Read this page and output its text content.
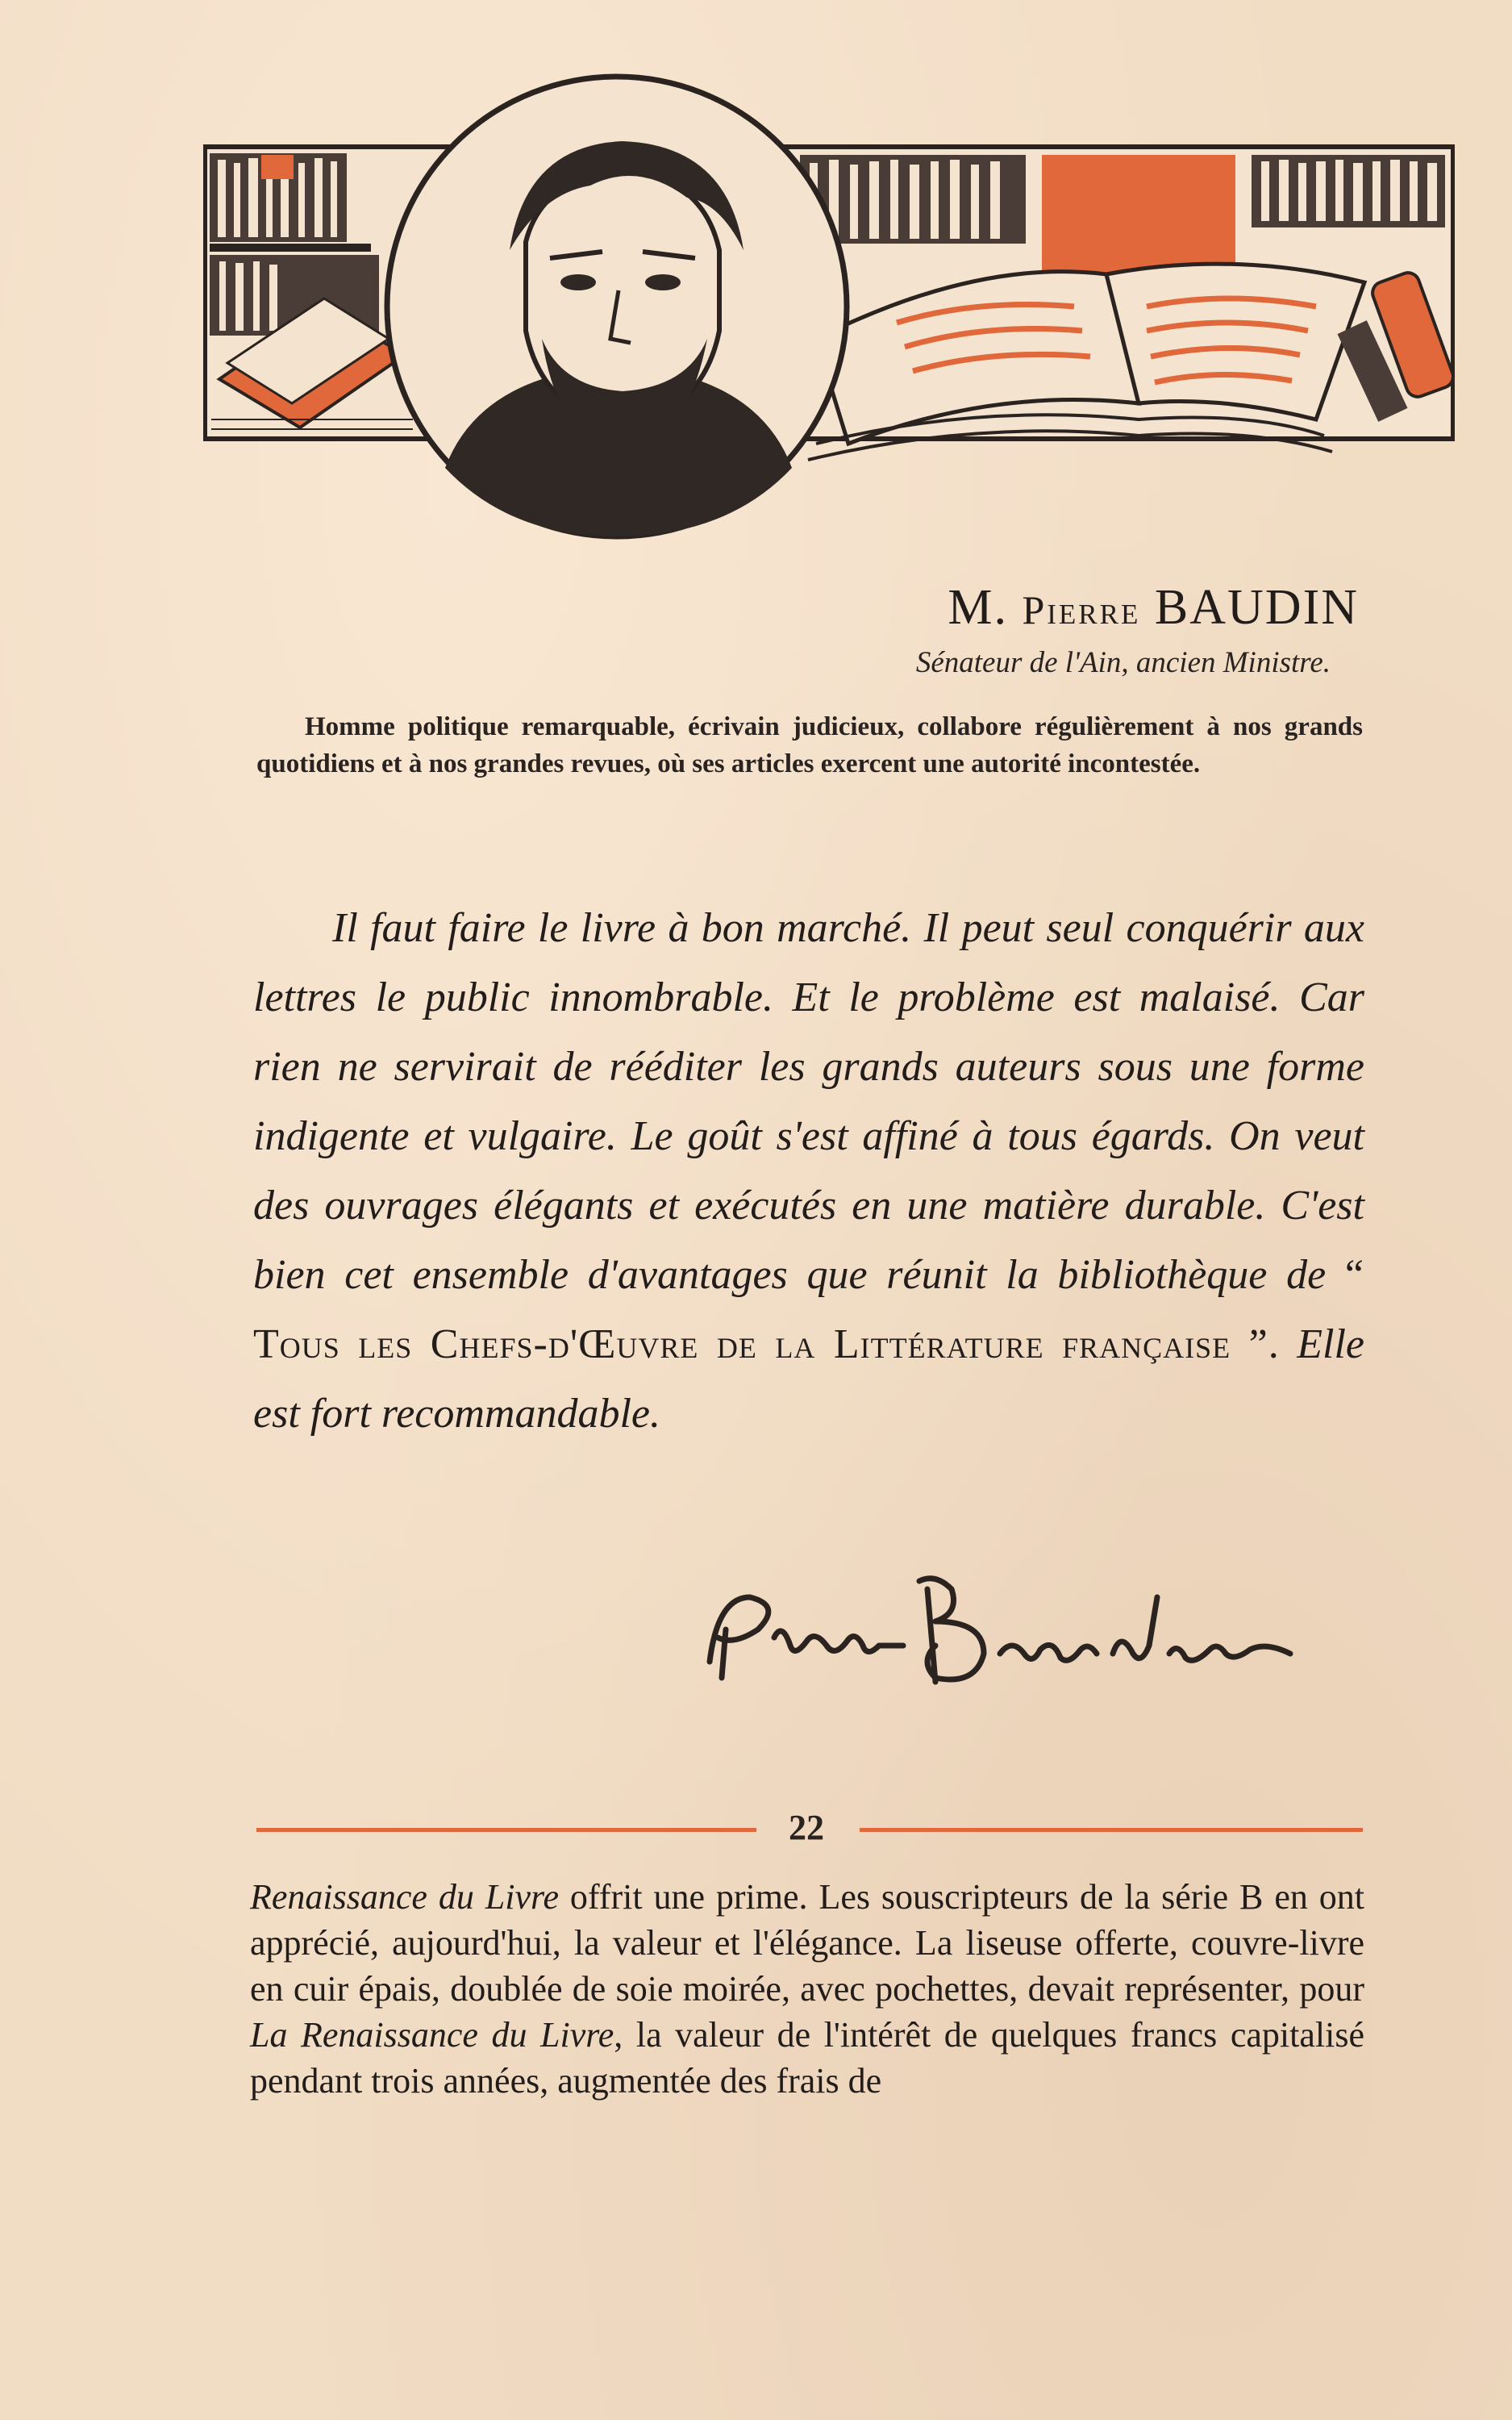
M. Pierre BAUDIN
Sénateur de l'Ain, ancien Ministre.
Homme politique remarquable, écrivain judicieux, collabore régulièrement à nos grands quotidiens et à nos grandes revues, où ses articles exercent une autorité incontestée.
Il faut faire le livre à bon marché. Il peut seul conquérir aux lettres le public innombrable. Et le problème est malaisé. Car rien ne servirait de rééditer les grands auteurs sous une forme indigente et vulgaire. Le goût s'est affiné à tous égards. On veut des ouvrages élégants et exécutés en une matière durable. C'est bien cet ensemble d'avantages que réunit la bibliothèque de “ Tous les Chefs-d'Œuvre de la Littérature française ”. Elle est fort recommandable.
22
Renaissance du Livre offrit une prime. Les souscripteurs de la série B en ont apprécié, aujourd'hui, la valeur et l'élégance. La liseuse offerte, couvre-livre en cuir épais, doublée de soie moirée, avec pochettes, devait représenter, pour La Renaissance du Livre, la valeur de l'intérêt de quelques francs capitalisé pendant trois années, augmentée des frais de
